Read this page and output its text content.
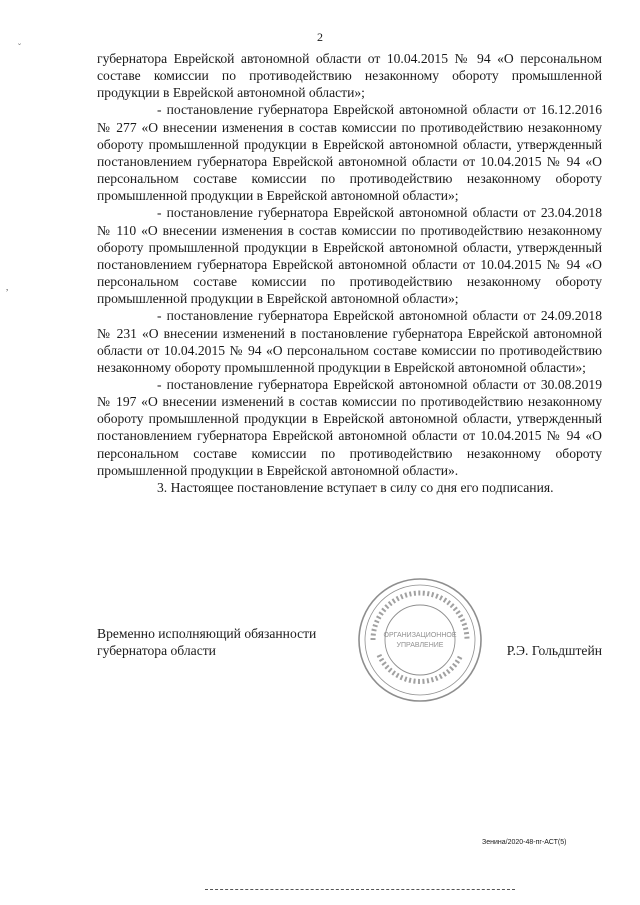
2
˘
,

губернатора Еврейской автономной области от 10.04.2015 № 94 «О персональном составе комиссии по противодействию незаконному обороту промышленной продукции в Еврейской автономной области»;

- постановление губернатора Еврейской автономной области от 16.12.2016 № 277 «О внесении изменения в состав комиссии по противодействию незаконному обороту промышленной продукции в Еврейской автономной области, утвержденный постановлением губернатора Еврейской автономной области от 10.04.2015 № 94 «О персональном составе комиссии по противодействию незаконному обороту промышленной продукции в Еврейской автономной области»;

- постановление губернатора Еврейской автономной области от 23.04.2018 № 110 «О внесении изменения в состав комиссии по противодействию незаконному обороту промышленной продукции в Еврейской автономной области, утвержденный постановлением губернатора Еврейской автономной области от 10.04.2015 № 94 «О персональном составе комиссии по противодействию незаконному обороту промышленной продукции в Еврейской автономной области»;

- постановление губернатора Еврейской автономной области от 24.09.2018 № 231 «О внесении изменений в постановление губернатора Еврейской автономной области от 10.04.2015 № 94 «О персональном составе комиссии по противодействию незаконному обороту промышленной продукции в Еврейской автономной области»;

- постановление губернатора Еврейской автономной области от 30.08.2019 № 197 «О внесении изменений в состав комиссии по противодействию незаконному обороту промышленной продукции в Еврейской автономной области, утвержденный постановлением губернатора Еврейской автономной области от 10.04.2015 № 94 «О персональном составе комиссии по противодействию незаконному обороту промышленной продукции в Еврейской автономной области».

3. Настоящее постановление вступает в силу со дня его подписания.

ОРГАНИЗАЦИОННОЕ
УПРАВЛЕНИЕ
Временно исполняющий обязанности
губернатора области	Р.Э. Гольдштейн
Зенина/2020-48-пг-АСТ(5)
